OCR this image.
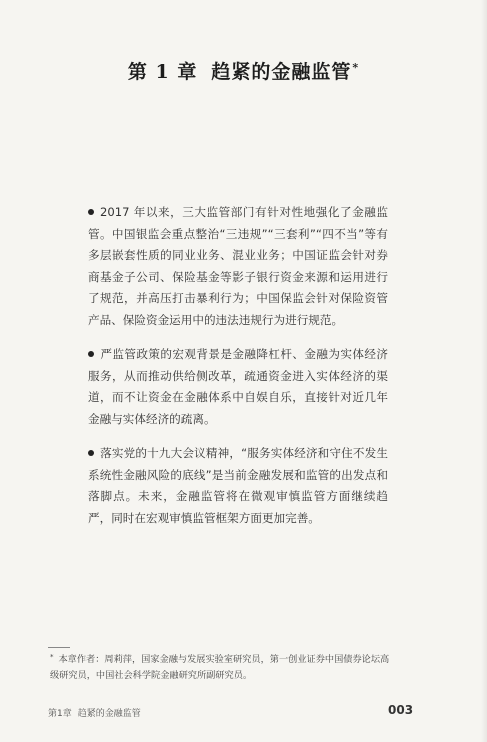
第 1 章 趋紧的金融监管*
2017 年以来，三大监管部门有针对性地强化了金融监管。中国银监会重点整治“三违规”“三套利”“四不当”等有多层嵌套性质的同业业务、混业业务；中国证监会针对券商基金子公司、保险基金等影子银行资金来源和运用进行了规范，并高压打击暴利行为；中国保监会针对保险资管产品、保险资金运用中的违法违规行为进行规范。
严监管政策的宏观背景是金融降杠杆、金融为实体经济服务，从而推动供给侧改革，疏通资金进入实体经济的渠道，而不让资金在金融体系中自娱自乐，直接针对近几年金融与实体经济的疏离。
落实党的十九大会议精神，“服务实体经济和守住不发生系统性金融风险的底线”是当前金融发展和监管的出发点和落脚点。未来，金融监管将在微观审慎监管方面继续趋严，同时在宏观审慎监管框架方面更加完善。
* 本章作者：周莉萍，国家金融与发展实验室研究员，第一创业证券中国债券论坛高级研究员，中国社会科学院金融研究所副研究员。
第1章 趋紧的金融监管	003
